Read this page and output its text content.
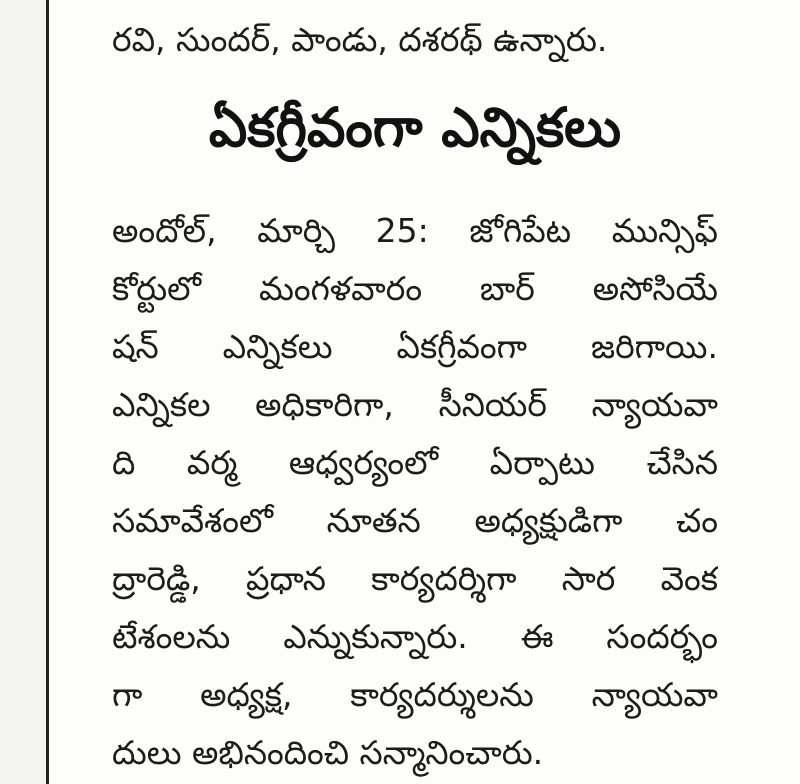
రవి, సుందర్, పాండు, దశరథ్ ఉన్నారు.
ఏకగ్రీవంగా ఎన్నికలు
అందోల్, మార్చి 25: జోగిపేట మున్సిఫ్
కోర్టులో మంగళవారం బార్ అసోసియే
షన్ ఎన్నికలు ఏకగ్రీవంగా జరిగాయి.
ఎన్నికల అధికారిగా, సీనియర్ న్యాయవా
ది వర్మ ఆధ్వర్యంలో ఏర్పాటు చేసిన
సమావేశంలో నూతన అధ్యక్షుడిగా చం
ద్రారెడ్డి, ప్రధాన కార్యదర్శిగా సార వెంక
టేశంలను ఎన్నుకున్నారు. ఈ సందర్భం
గా అధ్యక్ష, కార్యదర్శులను న్యాయవా
దులు అభినందించి సన్మానించారు.
